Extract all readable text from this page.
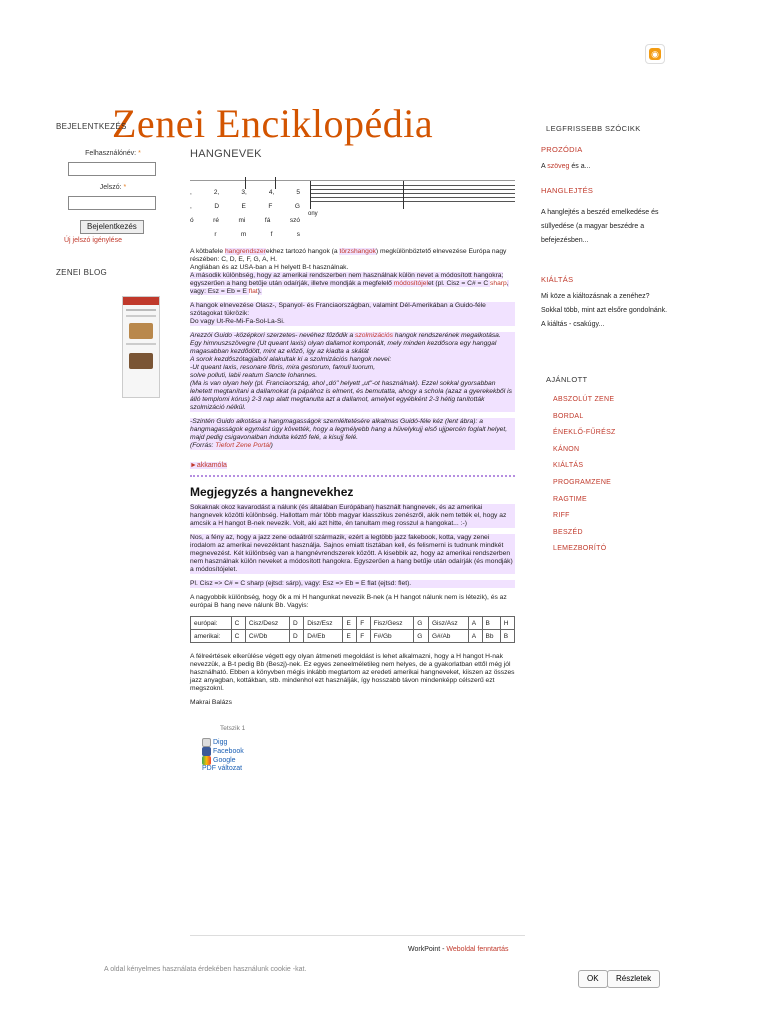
◉
Zenei Enciklopédia
BEJELENTKEZÉS
Felhasználónév: *
Jelszó: *
Bejelentkezés
Új jelszó igénylése
ZENEI BLOG
HANGNEVEK
,	2,	3,	4,	5
,	D	E	F	G
ó	ré	mi	fá	szó
r	m	f	s
ony
A kötbafele hangrendszerekhez tartozó hangok (a törzshangok) megkülönböztető elnevezése Európa nagy részében: C, D, E, F, G, A, H.
Angliában és az USA-ban a H helyett B-t használnak.
A második különbség, hogy az amerikai rendszerben nem használnak külön nevet a módosított hangokra; egyszerűen a hang betűje után odaírják, illetve mondják a megfelelő módosítójelet (pl. Cisz = C# = C sharp, vagy: Esz = Eb = E flat).
A hangok elnevezése Olasz-, Spanyol- és Franciaországban, valamint Dél-Amerikában a Guido-féle szótagokat tükrözik:
Do vagy Ut-Re-Mi-Fa-Sol-La-Si.
Arezzói Guido -középkori szerzetes- nevéhez fűződik a szolmizációs hangok rendszerének megalkotása.
Egy himnuszszövegre (Ut queant laxis) olyan dallamot komponált, mely minden kezdősora egy hanggal magasabban kezdődött, mint az előző, így az kiadta a skálát
A sorok kezdőszótagjaiból alakultak ki a szolmizációs hangok nevei:
-Ut queant laxis, resonare fibris, mira gestorum, famuli tuorum,
solve polluti, labii reatum Sancte Iohannes.
(Ma is van olyan hely (pl. Franciaország, ahol „dó" helyett „ut"-ot használnak). Ezzel sokkal gyorsabban lehetett megtanítani a dallamokat (a pápához is elment, és bemutatta, ahogy a schola (azaz a gyerekekből is álló templomi kórus) 2-3 nap alatt megtanulta azt a dallamot, amelyet egyébként 2-3 hétig tanították szolmizáció nélkül.
-Szintén Guido alkotása a hangmagasságok szemléltetésére alkalmas Guidó-féle kéz (lent ábra): a hangmagasságok egymást úgy követték, hogy a legmélyebb hang a hüvelykujj első ujjpercén foglalt helyet, majd pedig csigavonalban indulta kéztő felé, a kisujj felé.
(Forrás: Tiefort Zene Portál)
►akkamóla
Megjegyzés a hangnevekhez
Sokaknak okoz kavarodást a nálunk (és általában Európában) használt hangnevek, és az amerikai hangnevek közötti különbség. Hallottam már több magyar klasszikus zenészről, akik nem tették el, hogy az amcsik a H hangot B-nek nevezik. Volt, aki azt hitte, én tanultam meg rosszul a hangokat... :-)
Nos, a fény az, hogy a jazz zene odaátról származik, ezért a legtöbb jazz fakebook, kotta, vagy zenei irodalom az amerikai nevezéktant használja. Sajnos emiatt tisztában kell, és felismerni is tudnunk mindkét megnevezést. Két különbség van a hangnévrendszerek között. A kisebbik az, hogy az amerikai rendszerben nem használnak külön neveket a módosított hangokra. Egyszerűen a hang betűje után odaírják (és mondják) a módosítójelet.
Pl. Cisz => C# = C sharp (ejtsd: sárp), vagy: Esz => Eb = E flat (ejtsd: flet).
A nagyobbik különbség, hogy ők a mi H hangunkat nevezik B-nek (a H hangot nálunk nem is létezik), és az európai B hang neve nálunk Bb. Vagyis:
európai:	C	Cisz/Desz	D	Disz/Esz	E	F	Fisz/Gesz	G	Gisz/Asz	A	B	H
amerikai:	C	C#/Db	D	D#/Eb	E	F	F#/Gb	G	G#/Ab	A	Bb	B
A félreértések elkerülése végett egy olyan átmeneti megoldást is lehet alkalmazni, hogy a H hangot H-nak nevezzük, a B-t pedig Bb (Beszj)-nek. Ez egyes zeneelméletileg nem helyes, de a gyakorlatban ettől még jól használható. Ebben a könyvben mégis inkább megtartom az eredeti amerikai hangneveket, kiiszen az összes jazz anyagban, kottákban, stb. mindenhol ezt használják, így hosszabb távon mindenképp célszerű ezt megszoknl.
Makrai Balázs
Tetszik 1
Digg
Facebook
Google
PDF változat
WorkPoint - Weboldal fenntartás
LEGFRISSEBB SZÓCIKK
PROZÓDIA
A szöveg és a...
HANGLEJTÉS
A hanglejtés a beszéd emelkedése és süllyedése (a magyar beszédre a befejezésben...
KIÁLTÁS
Mi köze a kiáltozásnak a zenéhez? Sokkal több, mint azt elsőre gondolnánk. A kiáltás - csakúgy...
AJÁNLOTT
ABSZOLÚT ZENE
BORDAL
ÉNEKLŐ-FŰRÉSZ
KÁNON
KIÁLTÁS
PROGRAMZENE
RAGTIME
RIFF
BESZÉD
LEMEZBORÍTÓ
A oldal kényelmes használata érdekében használunk cookie -kat.
OK	Részletek
